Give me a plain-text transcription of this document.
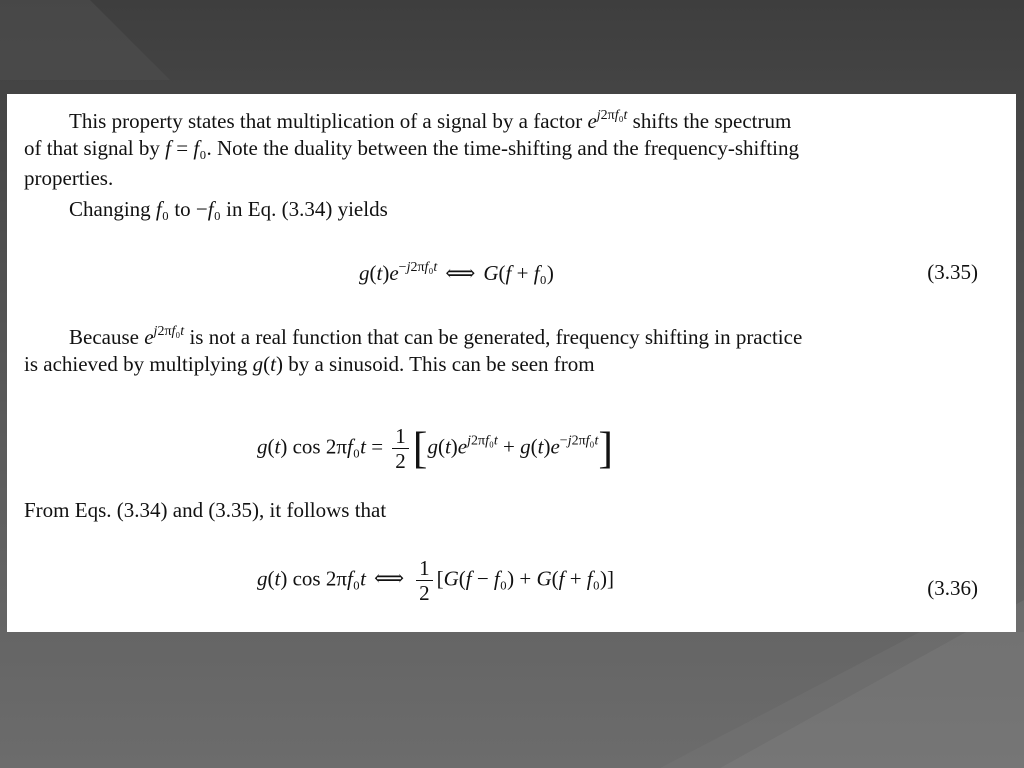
This property states that multiplication of a signal by a factor $e^{j2\pi f_0t}$ shifts the spectrum
of that signal by f = f₀. Note the duality between the time-shifting and the frequency-shifting
properties.
Changing f₀ to −f₀ in Eq. (3.34) yields
$g(t)e^{-j2\pi f_0t}$ ⟺ G(f + f₀)	(3.35)
Because $e^{j2\pi f_0t}$ is not a real function that can be generated, frequency shifting in practice
is achieved by multiplying g(t) by a sinusoid. This can be seen from
g(t) $\cos 2\pi f_0t = \frac{1}{2} [g(t)e^{j2\pi f_0t} + g(t)e^{-j2\pi f_0t}]$
From Eqs. (3.34) and (3.35), it follows that
g(t) cos 2πf₀t ⟺ $\frac{1}{2} [G(f - f_0) + G(f + f_0)]$	(3.36)
